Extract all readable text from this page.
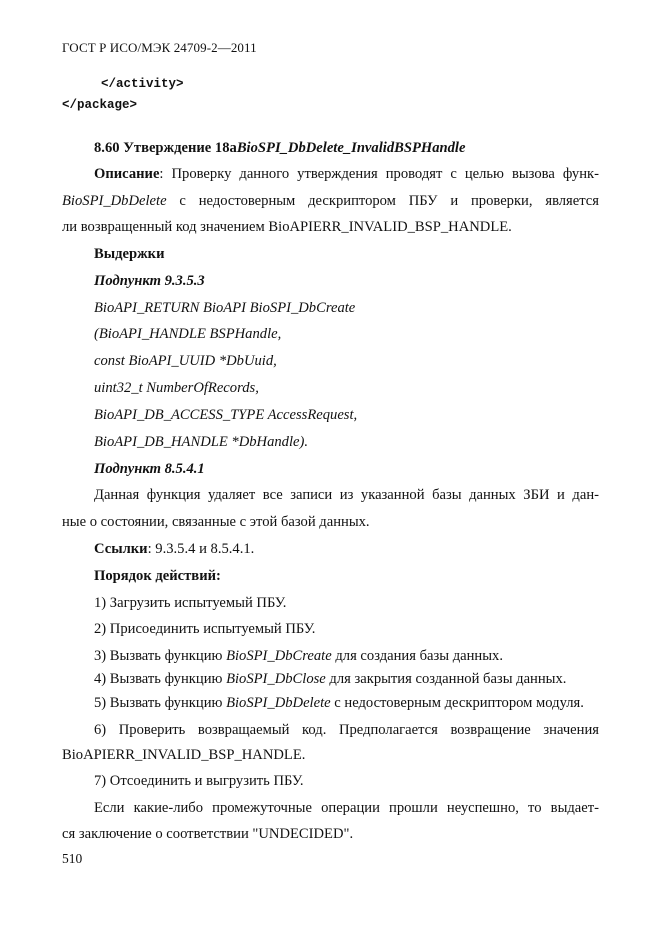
ГОСТ Р ИСО/МЭК 24709-2—2011
</activity>
</package>
8.60 Утверждение 18аBioSPI_DbDelete_InvalidBSPHandle
Описание: Проверку данного утверждения проводят с целью вызова функ-
BioSPI_DbDelete с недостоверным дескриптором ПБУ и проверки, является
ли возвращенный код значением BioAPIERR_INVALID_BSP_HANDLE.
Выдержки
Подпункт 9.3.5.3
BioAPI_RETURN BioAPI BioSPI_DbCreate
(BioAPI_HANDLE BSPHandle,
const BioAPI_UUID *DbUuid,
uint32_t NumberOfRecords,
BioAPI_DB_ACCESS_TYPE AccessRequest,
BioAPI_DB_HANDLE *DbHandle).
Подпункт 8.5.4.1
Данная функция удаляет все записи из указанной базы данных ЗБИ и дан-
ные о состоянии, связанные с этой базой данных.
Ссылки: 9.3.5.4 и 8.5.4.1.
Порядок действий:
1) Загрузить испытуемый ПБУ.
2) Присоединить испытуемый ПБУ.
3) Вызвать функцию BioSPI_DbCreate для создания базы данных.
4) Вызвать функцию BioSPI_DbClose для закрытия созданной базы данных.
5) Вызвать функцию BioSPI_DbDelete с недостоверным дескриптором модуля.
6) Проверить возвращаемый код. Предполагается возвращение значения
BioAPIERR_INVALID_BSP_HANDLE.
7) Отсоединить и выгрузить ПБУ.
Если какие-либо промежуточные операции прошли неуспешно, то выдает-
ся заключение о соответствии "UNDECIDED".
510
